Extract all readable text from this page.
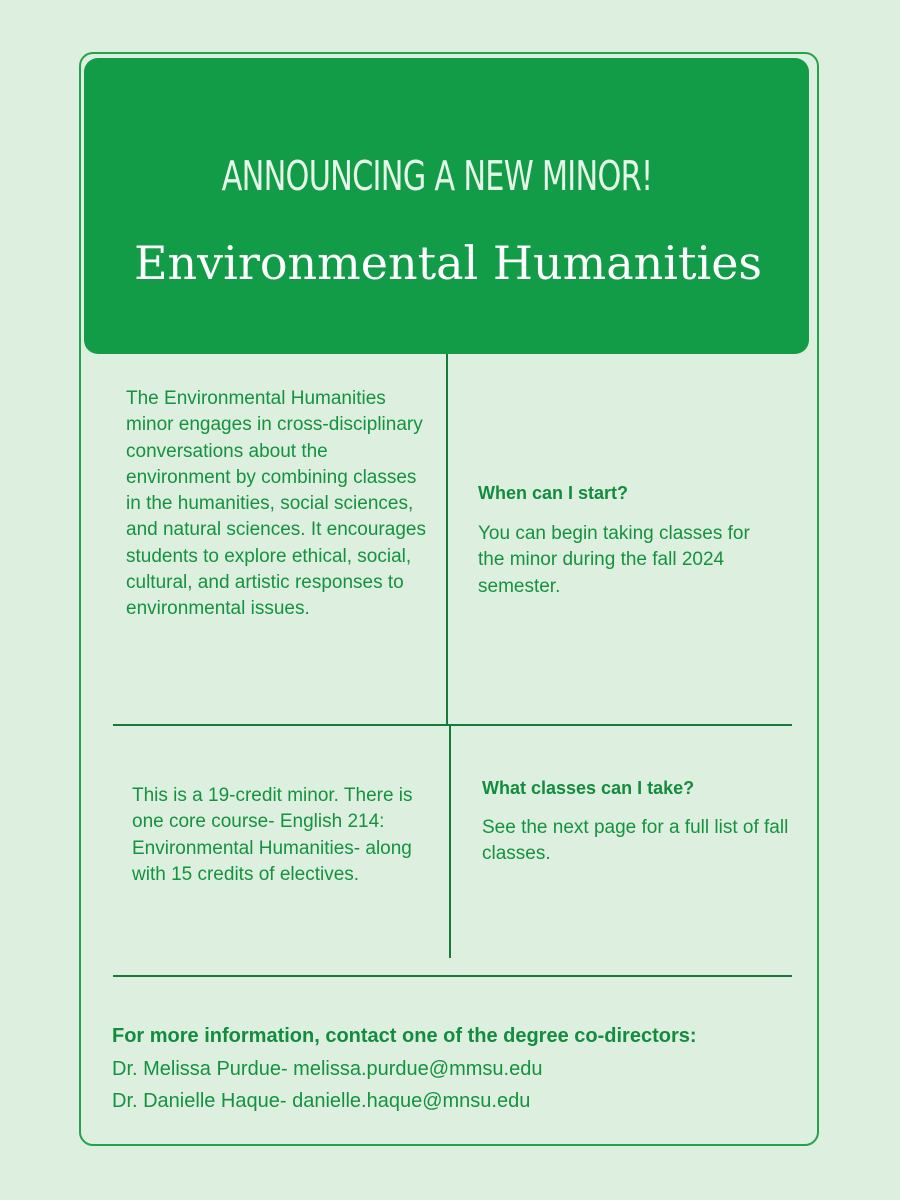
ANNOUNCING A NEW MINOR!
Environmental Humanities
The Environmental Humanities minor engages in cross-disciplinary conversations about the environment by combining classes in the humanities, social sciences, and natural sciences. It encourages students to explore ethical, social, cultural, and artistic responses to environmental issues.
When can I start?
You can begin taking classes for the minor during the fall 2024 semester.
This is a 19-credit minor. There is one core course- English 214: Environmental Humanities- along with 15 credits of electives.
What classes can I take?
See the next page for a full list of fall classes.
For more information, contact one of the degree co-directors:
Dr. Melissa Purdue- melissa.purdue@mmsu.edu
Dr. Danielle Haque- danielle.haque@mnsu.edu
